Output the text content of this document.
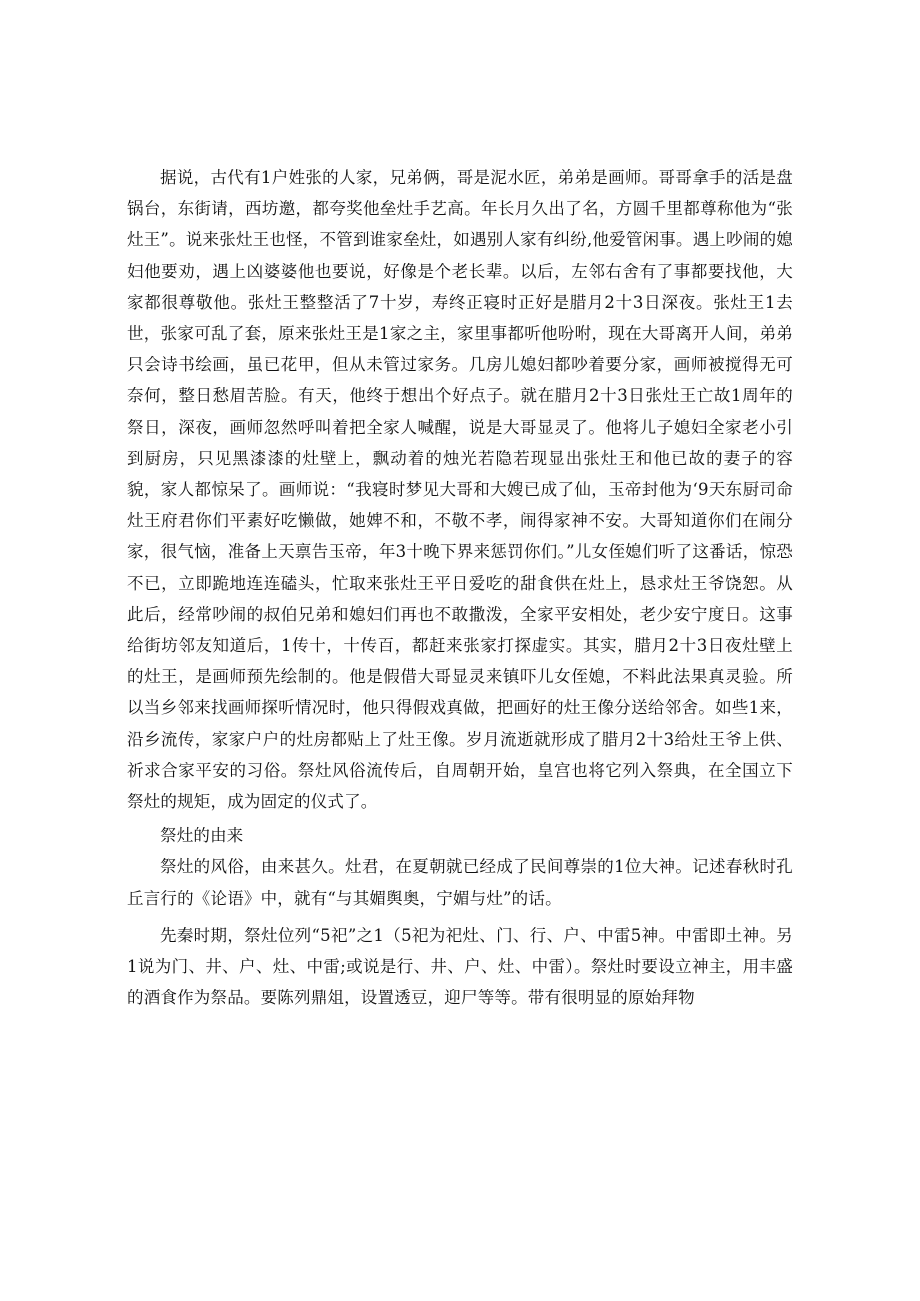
据说，古代有1户姓张的人家，兄弟俩，哥是泥水匠，弟弟是画师。哥哥拿手的活是盘锅台，东街请，西坊邀，都夸奖他垒灶手艺高。年长月久出了名，方圆千里都尊称他为“张灶王”。说来张灶王也怪，不管到谁家垒灶，如遇别人家有纠纷,他爱管闲事。遇上吵闹的媳妇他要劝，遇上凶婆婆他也要说，好像是个老长辈。以后，左邻右舍有了事都要找他，大家都很尊敬他。张灶王整整活了7十岁，寿终正寝时正好是腊月2十3日深夜。张灶王1去世，张家可乱了套，原来张灶王是1家之主，家里事都听他吩咐，现在大哥离开人间，弟弟只会诗书绘画，虽已花甲，但从未管过家务。几房儿媳妇都吵着要分家，画师被搅得无可奈何，整日愁眉苦脸。有天，他终于想出个好点子。就在腊月2十3日张灶王亡故1周年的祭日，深夜，画师忽然呼叫着把全家人喊醒，说是大哥显灵了。他将儿子媳妇全家老小引到厨房，只见黑漆漆的灶壁上，飘动着的烛光若隐若现显出张灶王和他已故的妻子的容貌，家人都惊呆了。画师说：“我寝时梦见大哥和大嫂已成了仙，玉帝封他为‘9天东厨司命灶王府君你们平素好吃懒做，她婢不和，不敬不孝，闹得家神不安。大哥知道你们在闹分家，很气恼，准备上天禀告玉帝，年3十晚下界来惩罚你们。”儿女侄媳们听了这番话，惊恐不已，立即跪地连连磕头，忙取来张灶王平日爱吃的甜食供在灶上，恳求灶王爷饶恕。从此后，经常吵闹的叔伯兄弟和媳妇们再也不敢撒泼，全家平安相处，老少安宁度日。这事给街坊邻友知道后，1传十，十传百，都赶来张家打探虚实。其实，腊月2十3日夜灶壁上的灶王，是画师预先绘制的。他是假借大哥显灵来镇吓儿女侄媳，不料此法果真灵验。所以当乡邻来找画师探听情况时，他只得假戏真做，把画好的灶王像分送给邻舍。如些1来，沿乡流传，家家户户的灶房都贴上了灶王像。岁月流逝就形成了腊月2十3给灶王爷上供、祈求合家平安的习俗。祭灶风俗流传后，自周朝开始，皇宫也将它列入祭典，在全国立下祭灶的规矩，成为固定的仪式了。

祭灶的由来

祭灶的风俗，由来甚久。灶君，在夏朝就已经成了民间尊崇的1位大神。记述春秋时孔丘言行的《论语》中，就有“与其媚舆奥，宁媚与灶”的话。

先秦时期，祭灶位列“5祀”之1（5祀为祀灶、门、行、户、中雷5神。中雷即土神。另1说为门、井、户、灶、中雷;或说是行、井、户、灶、中雷）。祭灶时要设立神主，用丰盛的酒食作为祭品。要陈列鼎俎，设置透豆，迎尸等等。带有很明显的原始拜物
